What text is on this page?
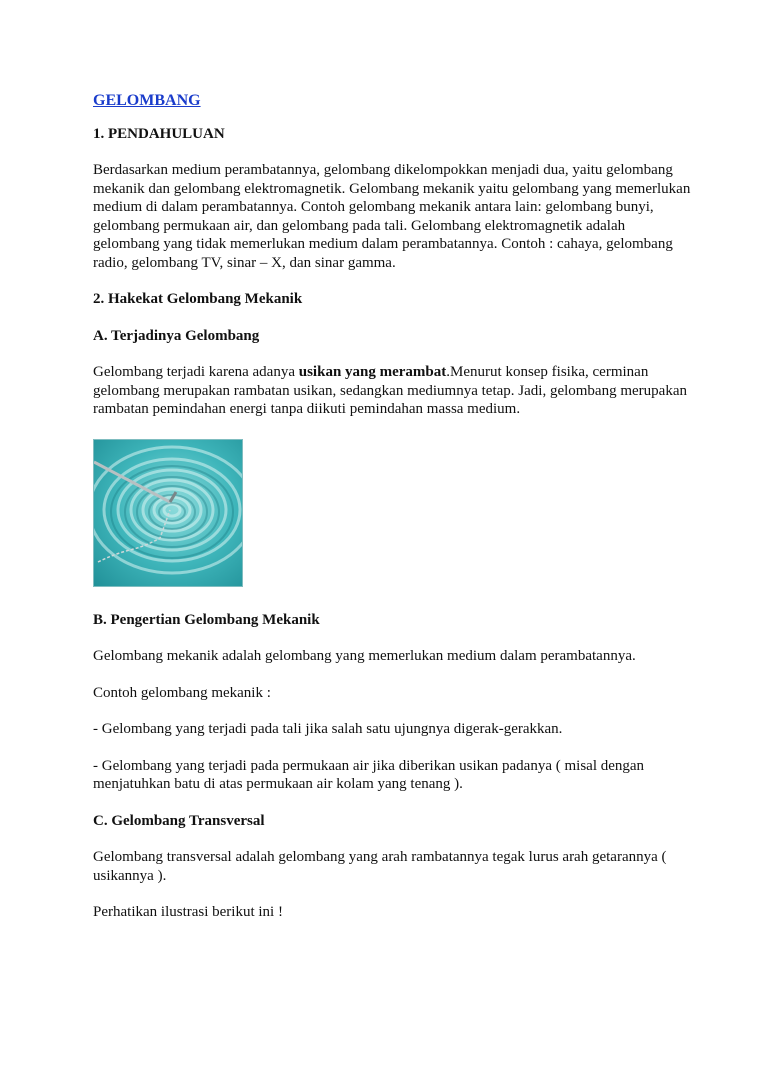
GELOMBANG

1. PENDAHULUAN

Berdasarkan medium perambatannya, gelombang dikelompokkan menjadi dua, yaitu gelombang mekanik dan gelombang elektromagnetik. Gelombang mekanik yaitu gelombang yang memerlukan medium di dalam perambatannya. Contoh gelombang mekanik antara lain: gelombang bunyi, gelombang permukaan air, dan gelombang pada tali. Gelombang elektromagnetik adalah gelombang yang tidak memerlukan medium dalam perambatannya. Contoh : cahaya, gelombang radio, gelombang TV, sinar – X, dan sinar gamma.

2. Hakekat Gelombang Mekanik

A. Terjadinya Gelombang

Gelombang terjadi karena adanya usikan yang merambat.Menurut konsep fisika, cerminan gelombang merupakan rambatan usikan, sedangkan mediumnya tetap. Jadi, gelombang merupakan rambatan pemindahan energi tanpa diikuti pemindahan massa medium.

B. Pengertian Gelombang Mekanik

Gelombang mekanik adalah gelombang yang memerlukan medium dalam perambatannya.

Contoh gelombang mekanik :

- Gelombang yang terjadi pada tali jika salah satu ujungnya digerak-gerakkan.

- Gelombang yang terjadi pada permukaan air jika diberikan usikan padanya ( misal dengan menjatuhkan batu di atas permukaan air kolam yang tenang ).

C. Gelombang Transversal

Gelombang transversal adalah gelombang yang arah rambatannya tegak lurus arah getarannya ( usikannya ).

Perhatikan ilustrasi berikut ini !
